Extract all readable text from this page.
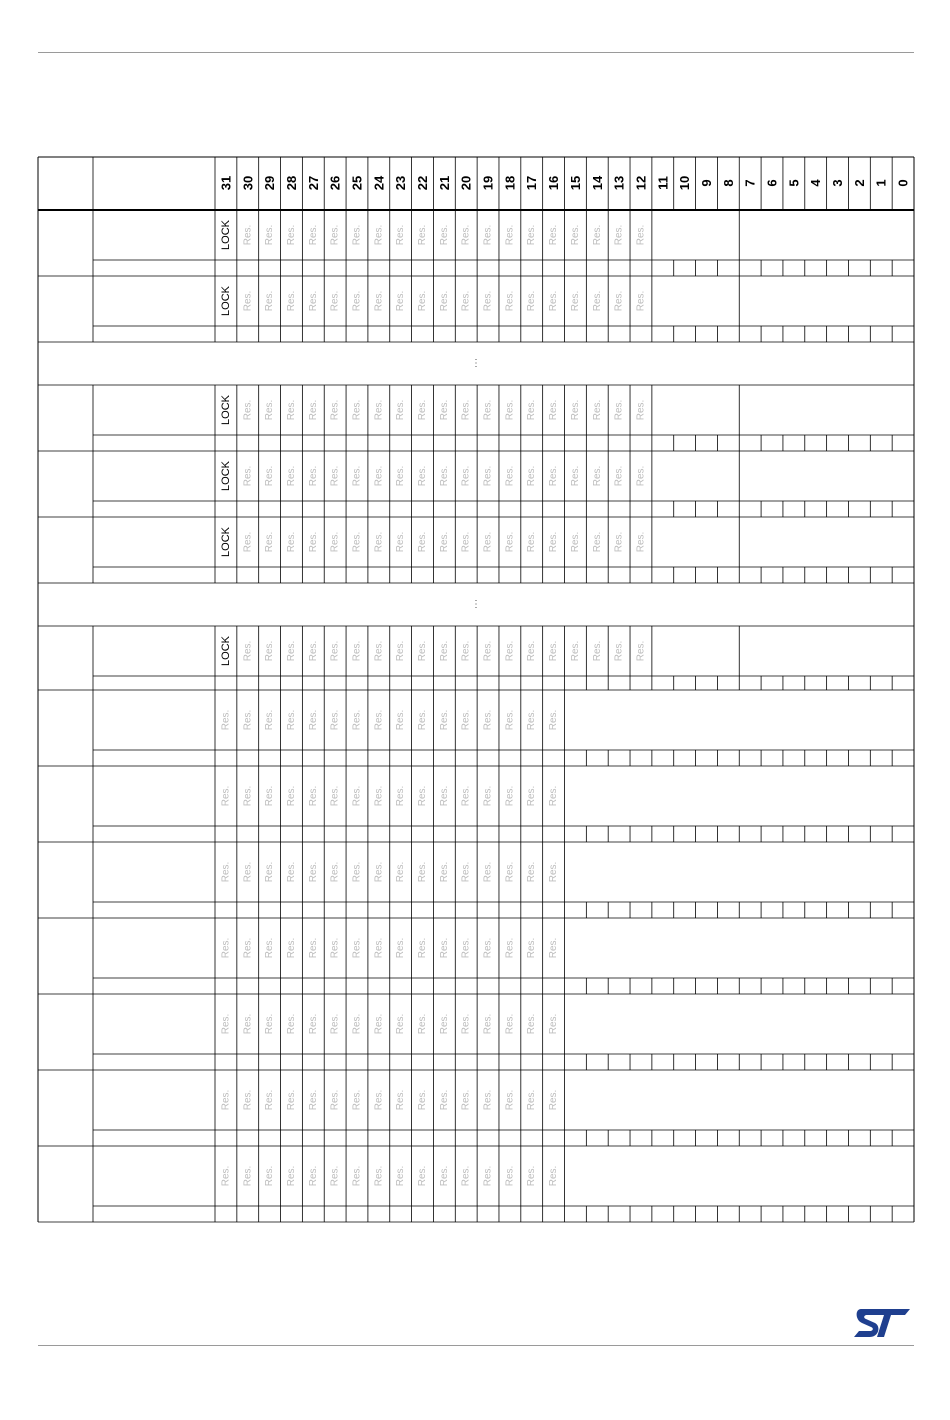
31 30 29 28 27 26 25 24 23 22 21 20 19 18 17 16 15 14 13 12 11 10 9 8 7 6 5 4 3 2 1 0
LOCK Res. Res. Res. Res. Res. Res. Res. Res. Res. Res. Res. Res. Res. Res. Res. Res. Res. Res. Res.
LOCK Res. Res. Res. Res. Res. Res. Res. Res. Res. Res. Res. Res. Res. Res. Res. Res. Res. Res. Res.
⋮
LOCK Res. Res. Res. Res. Res. Res. Res. Res. Res. Res. Res. Res. Res. Res. Res. Res. Res. Res. Res.
LOCK Res. Res. Res. Res. Res. Res. Res. Res. Res. Res. Res. Res. Res. Res. Res. Res. Res. Res. Res.
LOCK Res. Res. Res. Res. Res. Res. Res. Res. Res. Res. Res. Res. Res. Res. Res. Res. Res. Res. Res.
⋮
LOCK Res. Res. Res. Res. Res. Res. Res. Res. Res. Res. Res. Res. Res. Res. Res. Res. Res. Res. Res.
Res. Res. Res. Res. Res. Res. Res. Res. Res. Res. Res. Res. Res. Res. Res. Res.
Res. Res. Res. Res. Res. Res. Res. Res. Res. Res. Res. Res. Res. Res. Res. Res.
Res. Res. Res. Res. Res. Res. Res. Res. Res. Res. Res. Res. Res. Res. Res. Res.
Res. Res. Res. Res. Res. Res. Res. Res. Res. Res. Res. Res. Res. Res. Res. Res.
Res. Res. Res. Res. Res. Res. Res. Res. Res. Res. Res. Res. Res. Res. Res. Res.
Res. Res. Res. Res. Res. Res. Res. Res. Res. Res. Res. Res. Res. Res. Res. Res.
Res. Res. Res. Res. Res. Res. Res. Res. Res. Res. Res. Res. Res. Res. Res. Res.
